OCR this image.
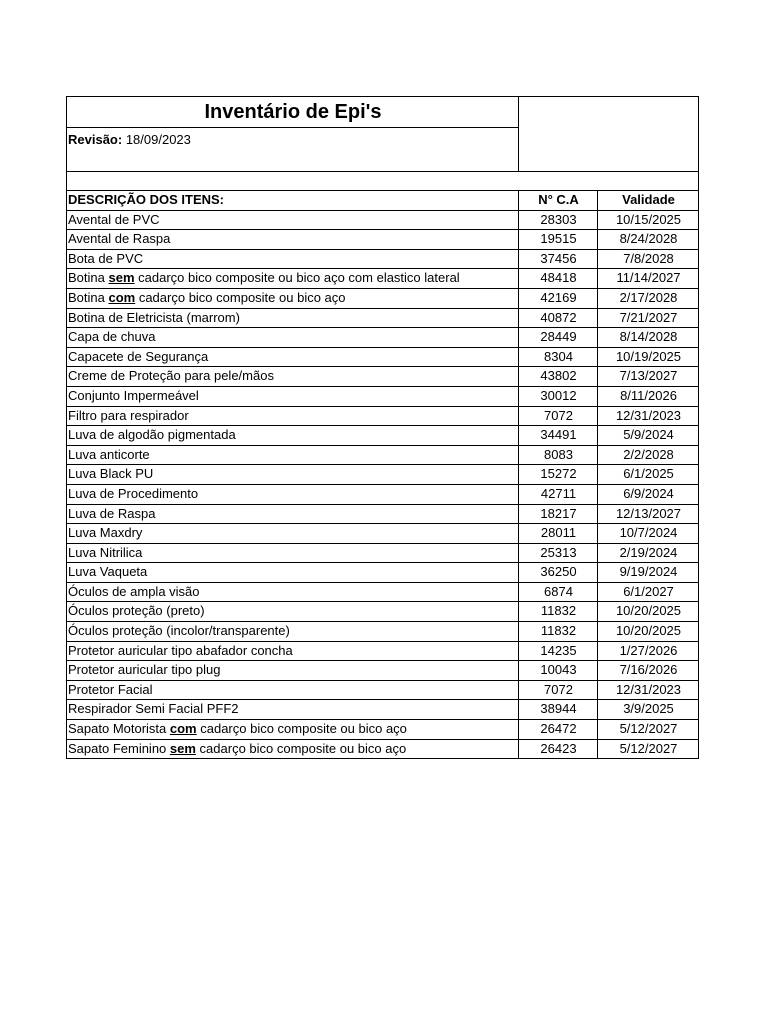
Inventário de Epi's		
Revisão: 18/09/2023		

DESCRIÇÃO DOS ITENS:	N° C.A	Validade
Avental de PVC	28303	10/15/2025
Avental de Raspa	19515	8/24/2028
Bota de PVC	37456	7/8/2028
Botina sem cadarço bico composite ou bico aço com elastico lateral	48418	11/14/2027
Botina com cadarço bico composite ou bico aço	42169	2/17/2028
Botina de Eletricista (marrom)	40872	7/21/2027
Capa de chuva	28449	8/14/2028
Capacete de Segurança	8304	10/19/2025
Creme de Proteção para pele/mãos	43802	7/13/2027
Conjunto Impermeável	30012	8/11/2026
Filtro para respirador	7072	12/31/2023
Luva de algodão pigmentada	34491	5/9/2024
Luva anticorte	8083	2/2/2028
Luva Black PU	15272	6/1/2025
Luva de Procedimento	42711	6/9/2024
Luva de Raspa	18217	12/13/2027
Luva Maxdry	28011	10/7/2024
Luva Nitrilica	25313	2/19/2024
Luva Vaqueta	36250	9/19/2024
Óculos de ampla visão	6874	6/1/2027
Óculos proteção (preto)	11832	10/20/2025
Óculos proteção (incolor/transparente)	11832	10/20/2025
Protetor auricular tipo abafador concha	14235	1/27/2026
Protetor auricular tipo plug	10043	7/16/2026
Protetor Facial	7072	12/31/2023
Respirador Semi Facial PFF2	38944	3/9/2025
Sapato Motorista com cadarço bico composite ou bico aço	26472	5/12/2027
Sapato Feminino sem cadarço bico composite ou bico aço	26423	5/12/2027
